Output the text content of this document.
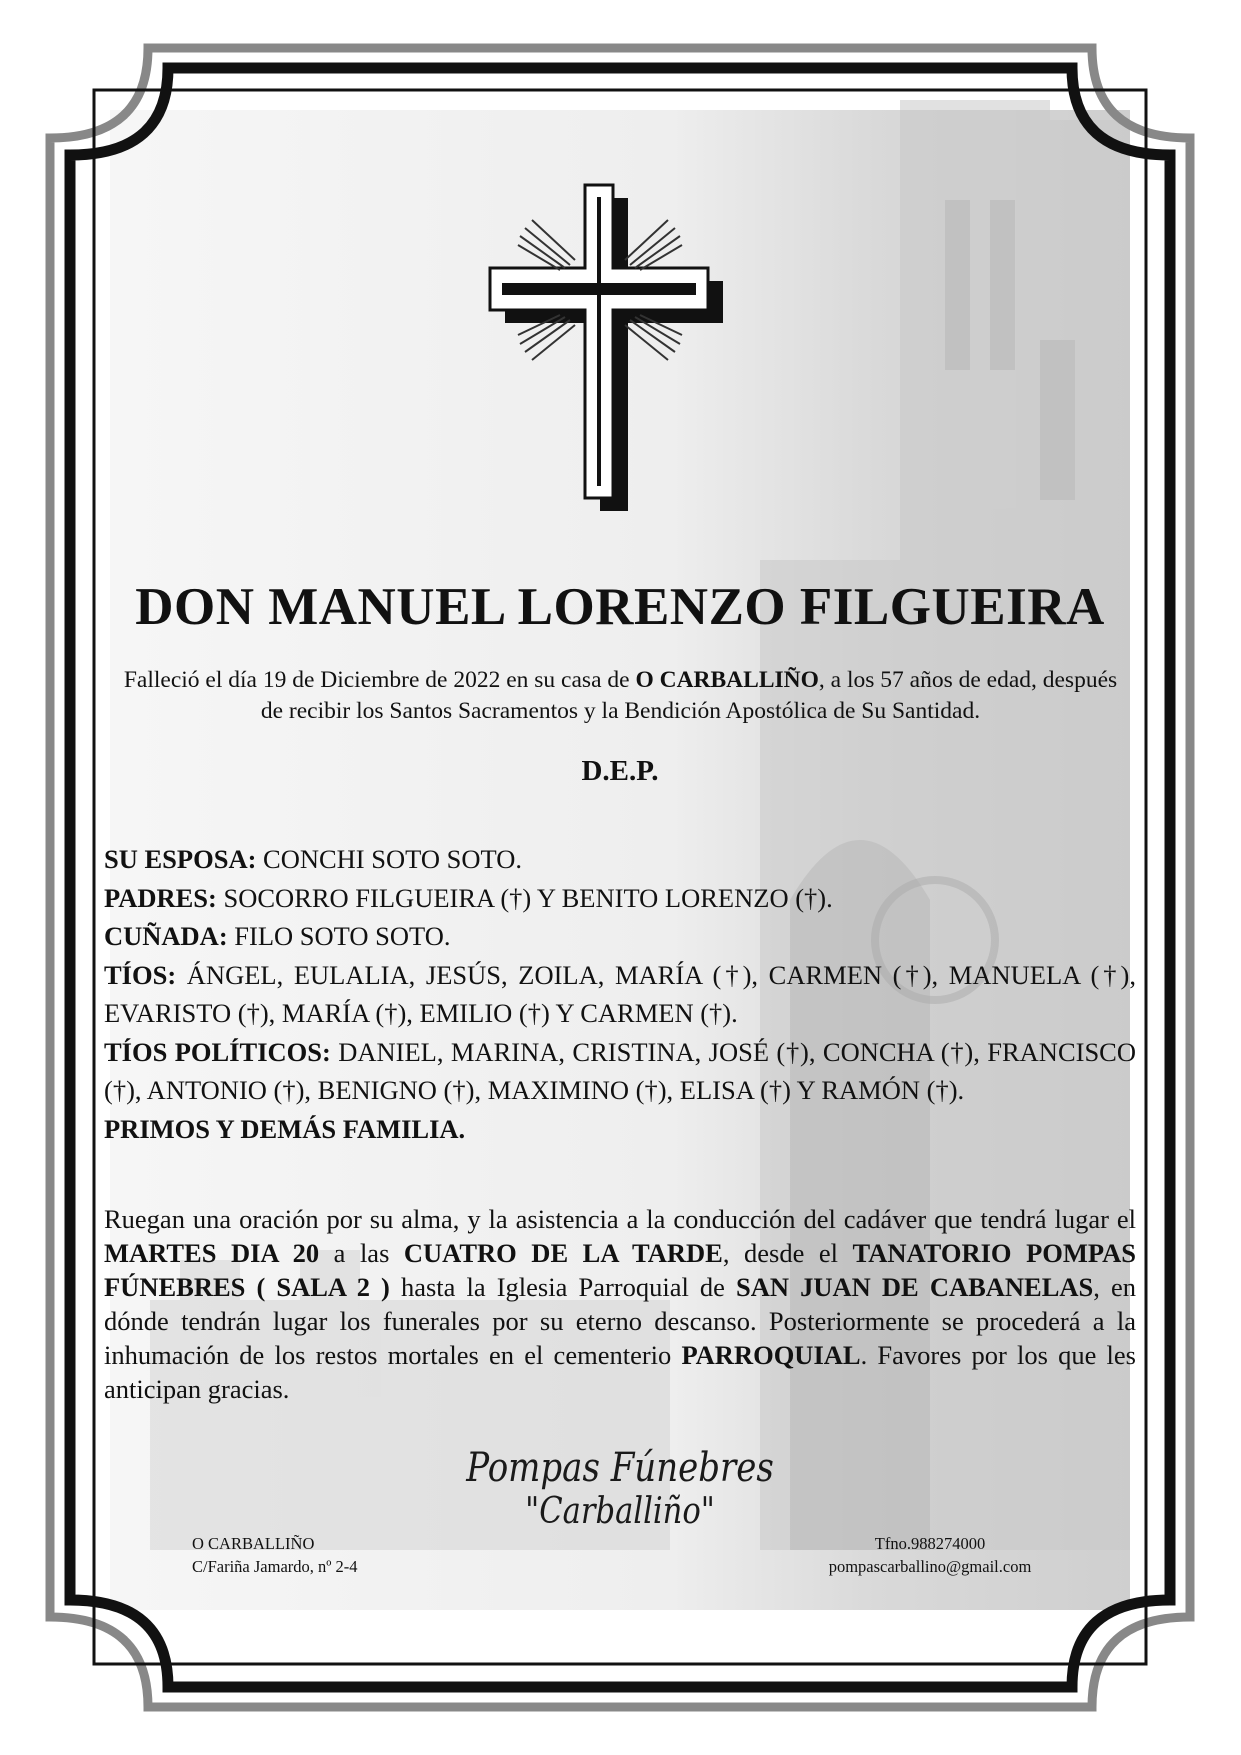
DON MANUEL LORENZO FILGUEIRA
Falleció el día 19 de Diciembre de 2022 en su casa de O CARBALLIÑO, a los 57 años de edad, después de recibir los Santos Sacramentos y la Bendición Apostólica de Su Santidad.
D.E.P.

SU ESPOSA: CONCHI SOTO SOTO.

PADRES: SOCORRO FILGUEIRA (†) Y BENITO LORENZO (†).

CUÑADA: FILO SOTO SOTO.

TÍOS: ÁNGEL, EULALIA, JESÚS, ZOILA, MARÍA (†), CARMEN (†), MANUELA (†), EVARISTO (†), MARÍA (†), EMILIO (†) Y CARMEN (†).

TÍOS POLÍTICOS: DANIEL, MARINA, CRISTINA, JOSÉ (†), CONCHA (†), FRANCISCO (†), ANTONIO (†), BENIGNO (†), MAXIMINO (†), ELISA (†) Y RAMÓN (†).

PRIMOS Y DEMÁS FAMILIA.

Ruegan una oración por su alma, y la asistencia a la conducción del cadáver que tendrá lugar el MARTES DIA 20 a las CUATRO DE LA TARDE, desde el TANATORIO POMPAS FÚNEBRES ( SALA 2 ) hasta la Iglesia Parroquial de SAN JUAN DE CABANELAS, en dónde tendrán lugar los funerales por su eterno descanso. Posteriormente se procederá a la inhumación de los restos mortales en el cementerio PARROQUIAL. Favores por los que les anticipan gracias.
Pompas Fúnebres
"Carballiño"
O CARBALLIÑO
C/Fariña Jamardo, nº 2-4
Tfno.988274000
pompascarballino@gmail.com
